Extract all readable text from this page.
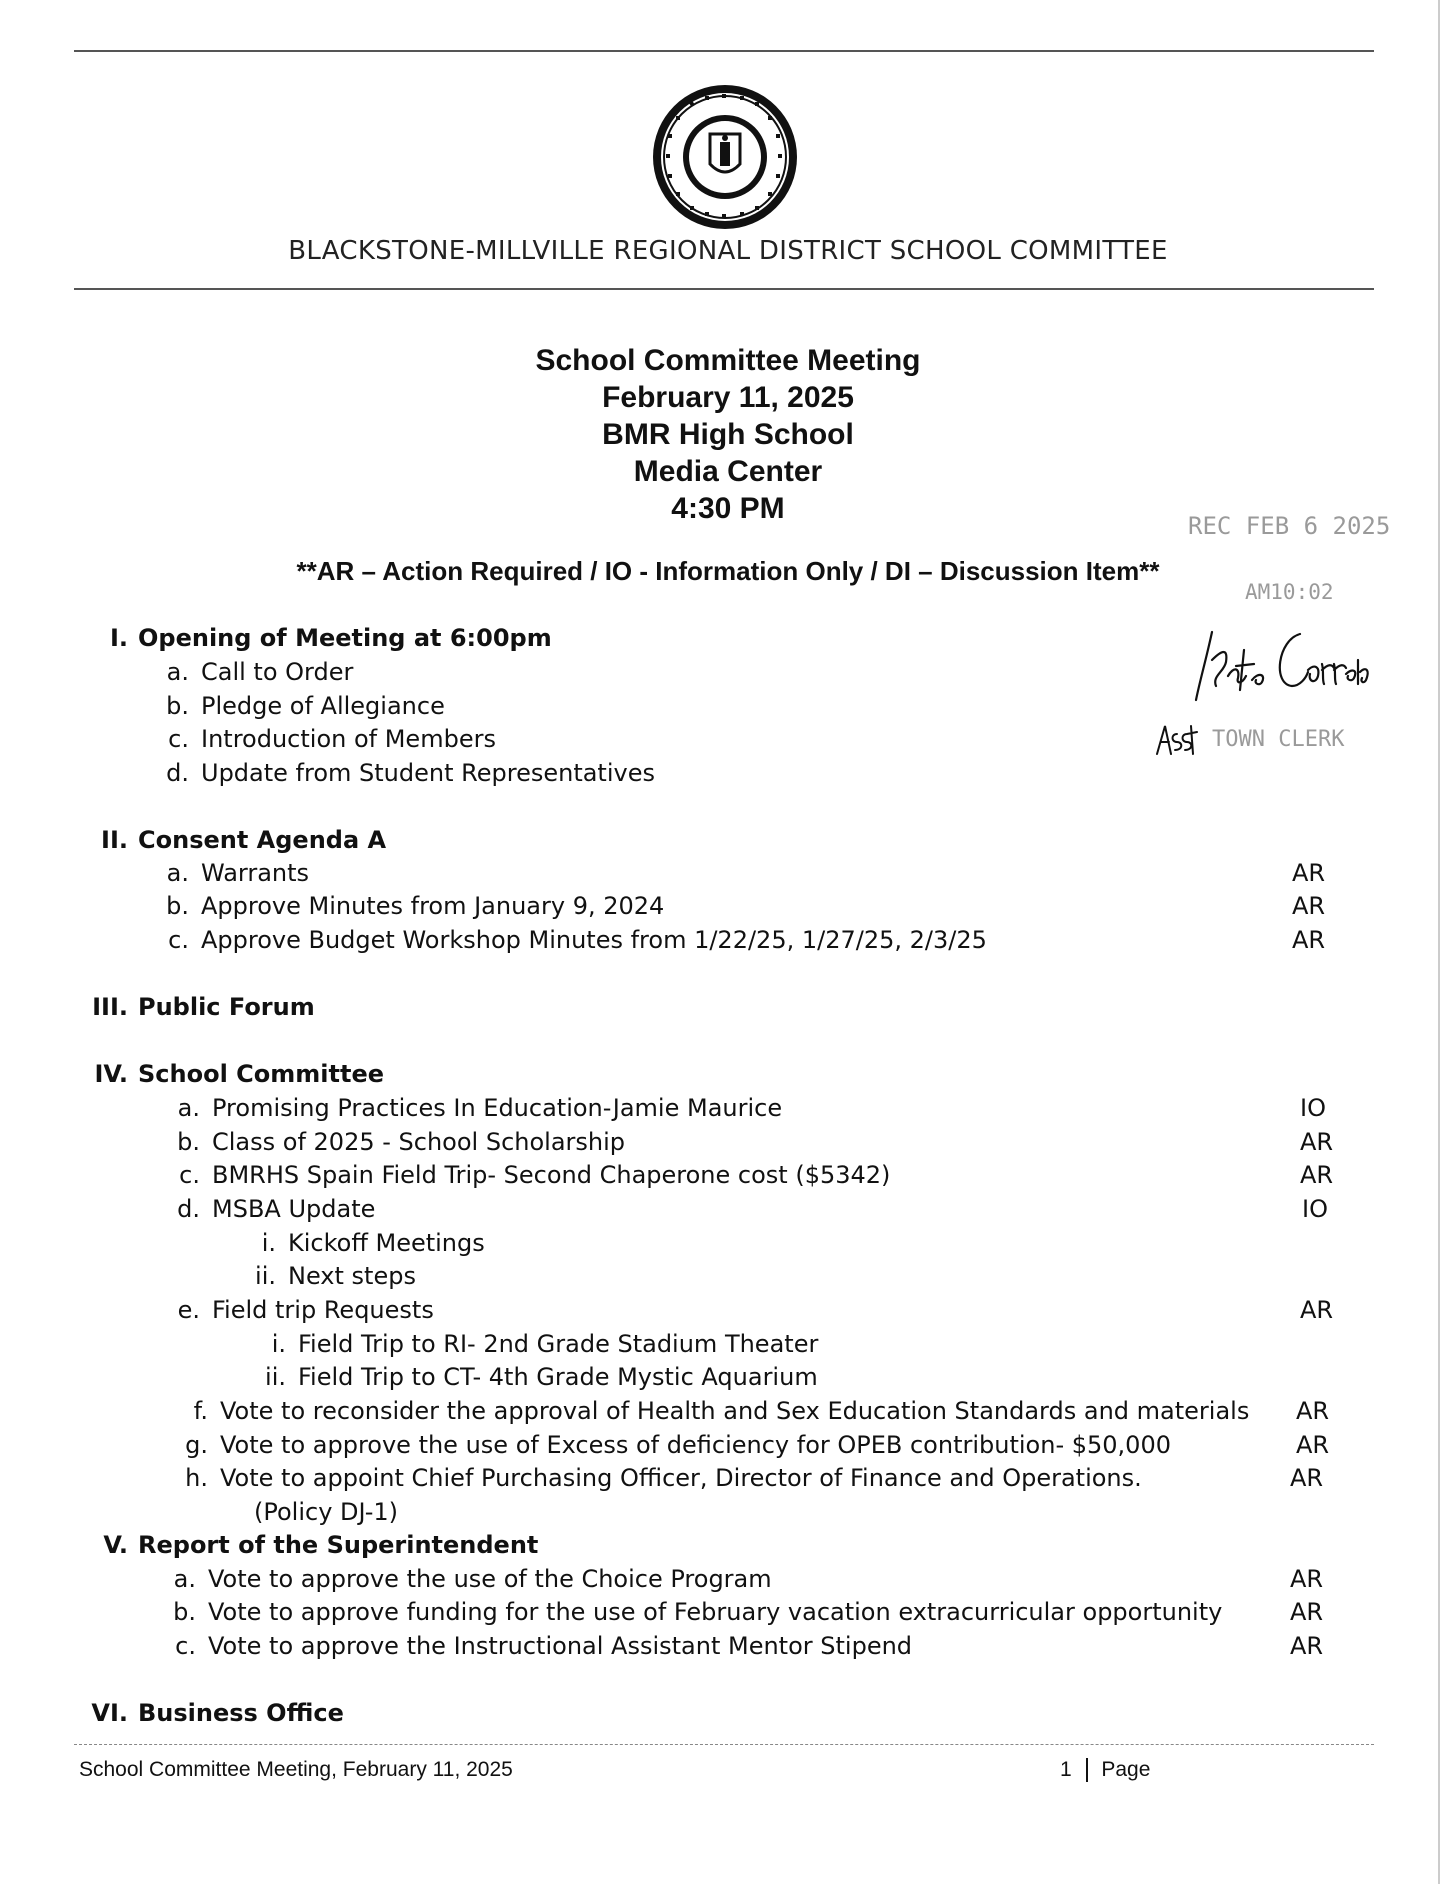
BLACKSTONE-MILLVILLE REGIONAL DISTRICT SCHOOL COMMITTEE
School Committee Meeting
February 11, 2025
BMR High School
Media Center
4:30 PM
**AR – Action Required / IO - Information Only / DI – Discussion Item**
REC FEB 6 2025
AM10:02
TOWN CLERK
I. Opening of Meeting at 6:00pm
a. Call to Order
b. Pledge of Allegiance
c. Introduction of Members
d. Update from Student Representatives
II. Consent Agenda A
a. Warrants	AR
b. Approve Minutes from January 9, 2024	AR
c. Approve Budget Workshop Minutes from 1/22/25, 1/27/25, 2/3/25	AR
III. Public Forum
IV. School Committee
a. Promising Practices In Education-Jamie Maurice	IO
b. Class of 2025 - School Scholarship	AR
c. BMRHS Spain Field Trip- Second Chaperone cost ($5342)	AR
d. MSBA Update	IO
i. Kickoff Meetings
ii. Next steps
e. Field trip Requests	AR
i. Field Trip to RI- 2nd Grade Stadium Theater
ii. Field Trip to CT- 4th Grade Mystic Aquarium
f. Vote to reconsider the approval of Health and Sex Education Standards and materials AR
g. Vote to approve the use of Excess of deficiency for OPEB contribution- $50,000	AR
h. Vote to appoint Chief Purchasing Officer, Director of Finance and Operations.	AR
(Policy DJ-1)
V. Report of the Superintendent
a. Vote to approve the use of the Choice Program	AR
b. Vote to approve funding for the use of February vacation extracurricular opportunity	AR
c. Vote to approve the Instructional Assistant Mentor Stipend	AR
VI. Business Office
School Committee Meeting, February 11, 2025	1 Page
